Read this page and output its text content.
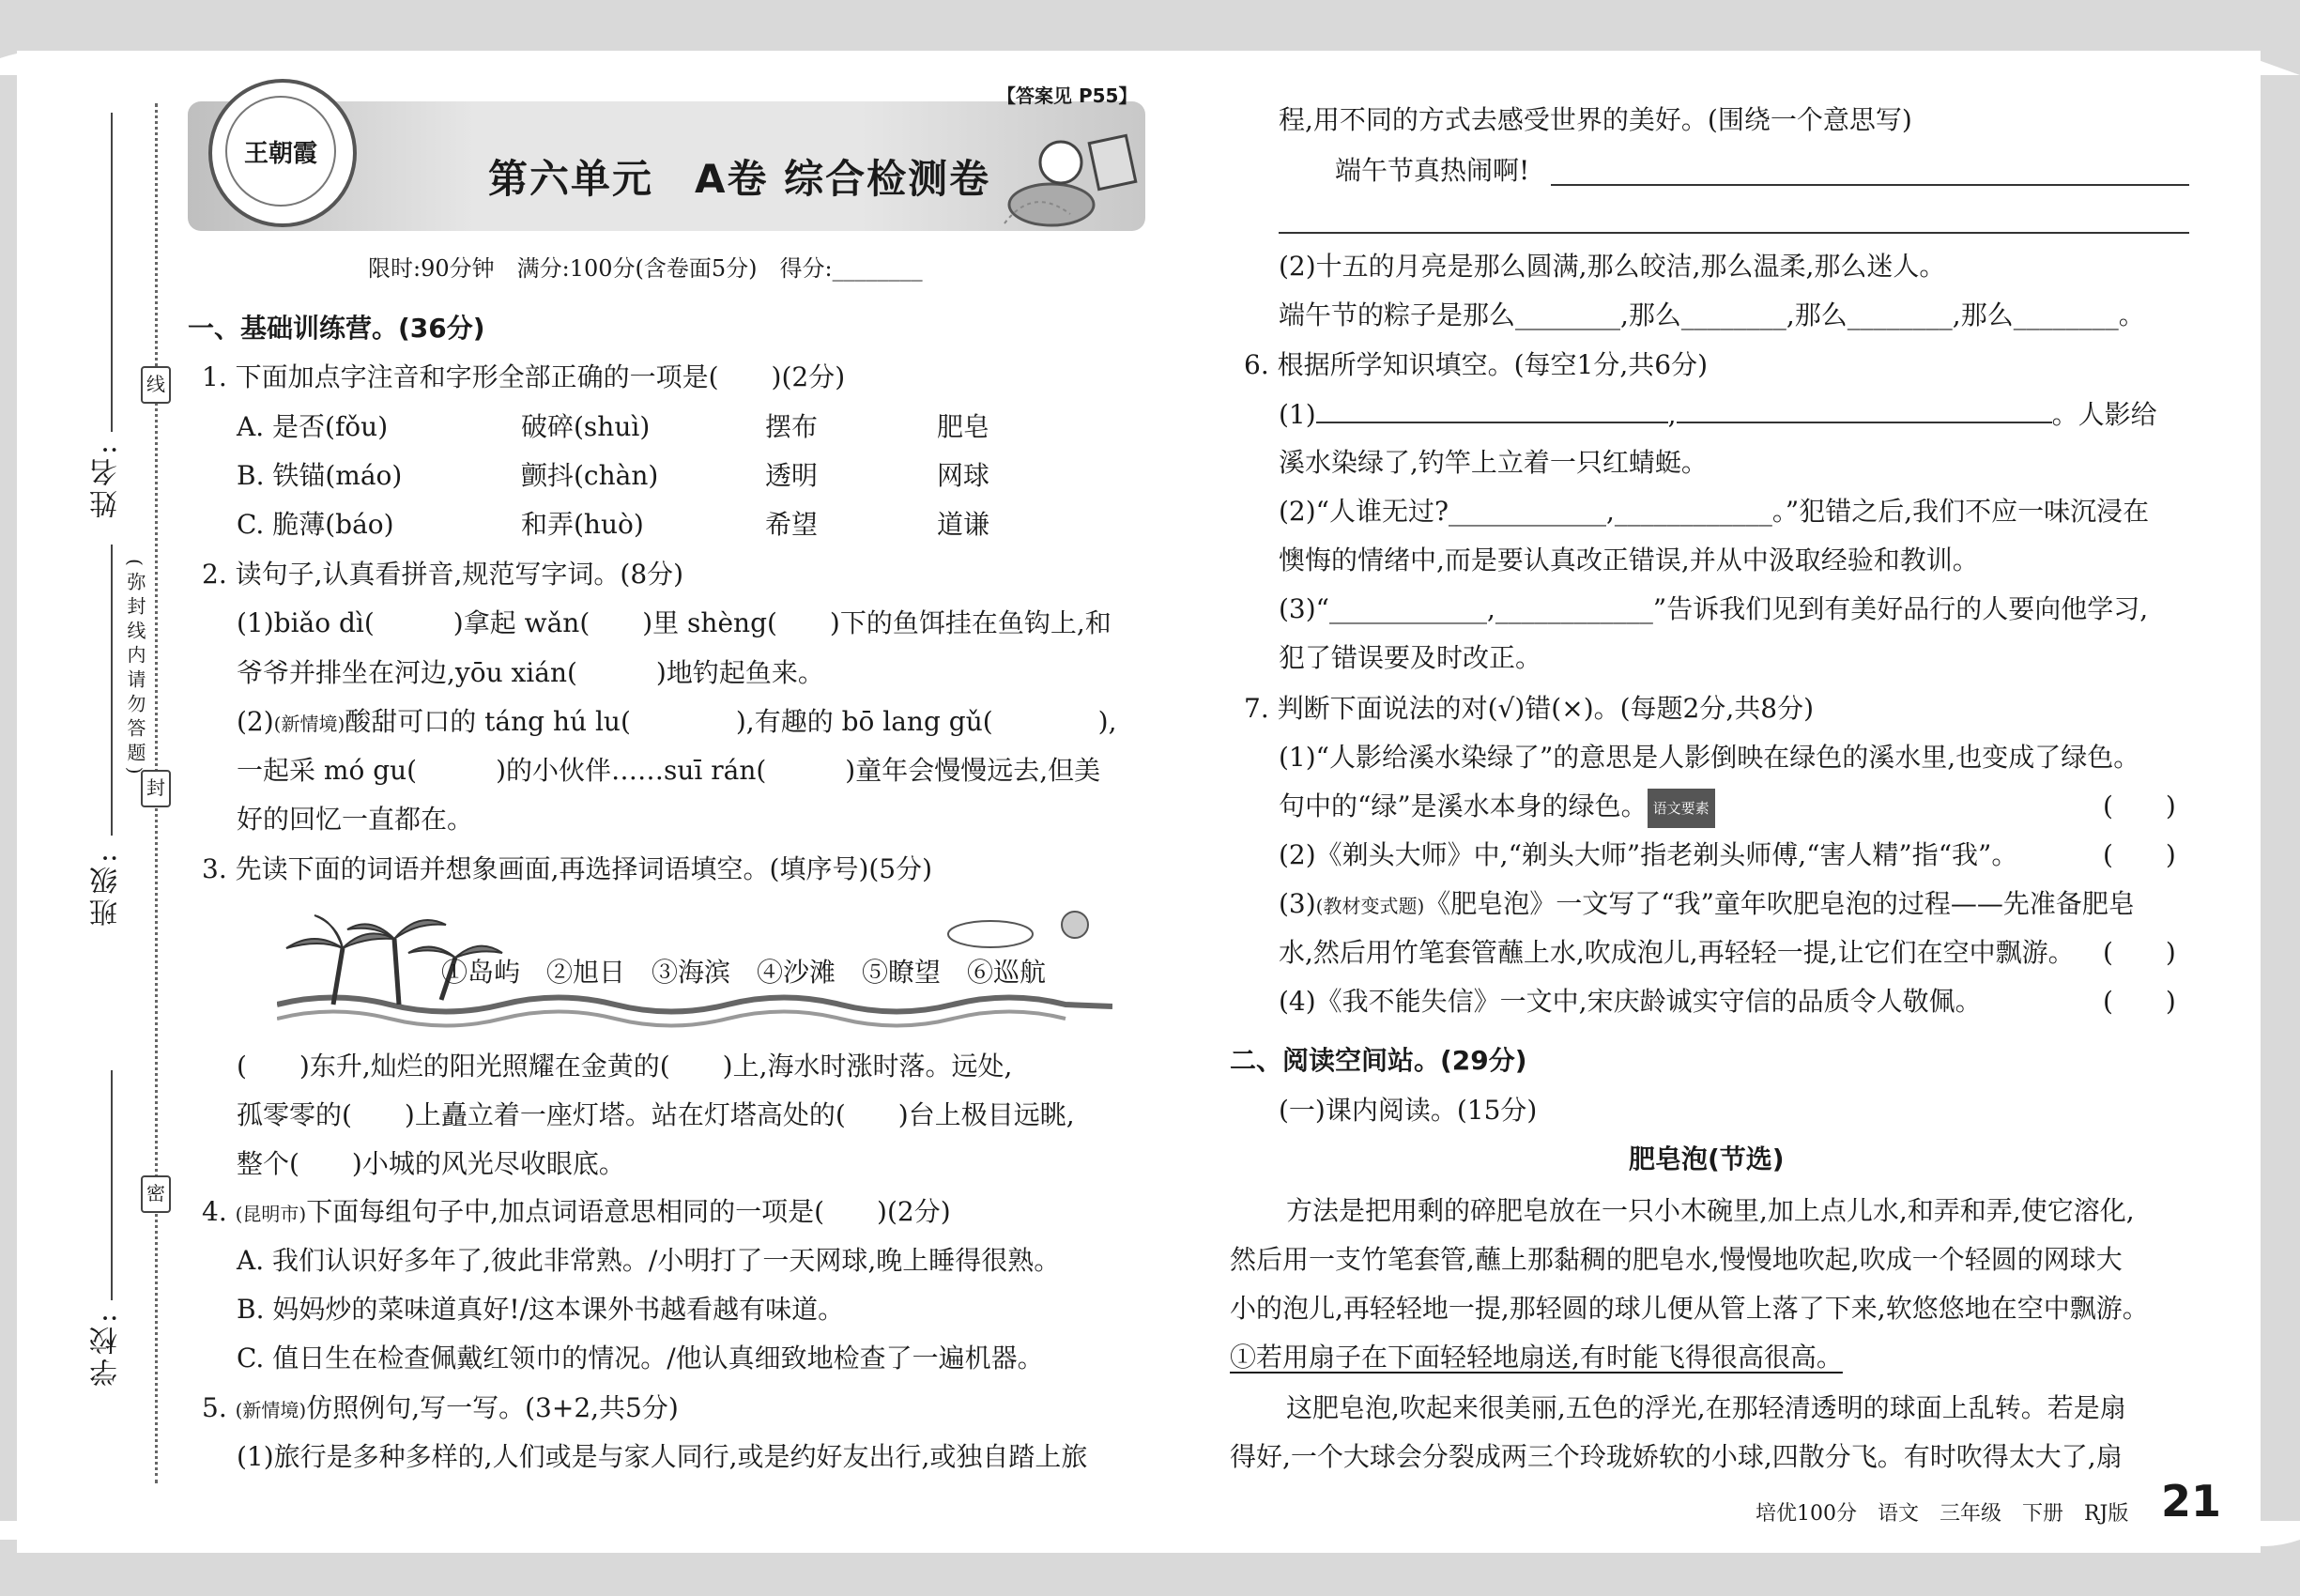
姓名:
班级:
学校:
线
封
密
(弥封线内请勿答题)
王朝霞
第六单元　A卷 综合检测卷
【答案见 P55】
限时:90分钟　满分:100分(含卷面5分)　得分:________
一、基础训练营。(36分)
1. 下面加点字注音和字形全部正确的一项是(　　)(2分)
A. 是否(fǒu)	破碎(shuì)	摆布	肥皂
B. 铁锚(máo)	颤抖(chàn)	透明	网球
C. 脆薄(báo)	和弄(huò)	希望	道谦
2. 读句子,认真看拼音,规范写字词。(8分)
(1)biǎo dì(　　　)拿起 wǎn(　　)里 shèng(　　)下的鱼饵挂在鱼钩上,和
爷爷并排坐在河边,yōu xián(　　　)地钓起鱼来。
(2)(新情境)酸甜可口的 táng hú lu(　　　　),有趣的 bō lang gǔ(　　　　),
一起采 mó gu(　　　)的小伙伴……suī rán(　　　)童年会慢慢远去,但美
好的回忆一直都在。
3. 先读下面的词语并想象画面,再选择词语填空。(填序号)(5分)
①岛屿　②旭日　③海滨　④沙滩　⑤瞭望　⑥巡航
(　　)东升,灿烂的阳光照耀在金黄的(　　)上,海水时涨时落。远处,
孤零零的(　　)上矗立着一座灯塔。站在灯塔高处的(　　)台上极目远眺,
整个(　　)小城的风光尽收眼底。
4. (昆明市)下面每组句子中,加点词语意思相同的一项是(　　)(2分)
A. 我们认识好多年了,彼此非常熟。/小明打了一天网球,晚上睡得很熟。
B. 妈妈炒的菜味道真好!/这本课外书越看越有味道。
C. 值日生在检查佩戴红领巾的情况。/他认真细致地检查了一遍机器。
5. (新情境)仿照例句,写一写。(3+2,共5分)
(1)旅行是多种多样的,人们或是与家人同行,或是约好友出行,或独自踏上旅
程,用不同的方式去感受世界的美好。(围绕一个意思写)
端午节真热闹啊!
(2)十五的月亮是那么圆满,那么皎洁,那么温柔,那么迷人。
端午节的粽子是那么________,那么________,那么________,那么________。
6. 根据所学知识填空。(每空1分,共6分)
(1)	,	。人影给
溪水染绿了,钓竿上立着一只红蜻蜓。
(2)“人谁无过?____________,____________。”犯错之后,我们不应一味沉浸在
懊悔的情绪中,而是要认真改正错误,并从中汲取经验和教训。
(3)“____________,____________”告诉我们见到有美好品行的人要向他学习,
犯了错误要及时改正。
7. 判断下面说法的对(√)错(×)。(每题2分,共8分)
(1)“人影给溪水染绿了”的意思是人影倒映在绿色的溪水里,也变成了绿色。
句中的“绿”是溪水本身的绿色。 语文要素	(　　)
(2)《剃头大师》中,“剃头大师”指老剃头师傅,“害人精”指“我”。	(　　)
(3)(教材变式题)《肥皂泡》一文写了“我”童年吹肥皂泡的过程——先准备肥皂
水,然后用竹笔套管蘸上水,吹成泡儿,再轻轻一提,让它们在空中飘游。 (　　)
(4)《我不能失信》一文中,宋庆龄诚实守信的品质令人敬佩。	(　　)
二、阅读空间站。(29分)
(一)课内阅读。(15分)
肥皂泡(节选)
方法是把用剩的碎肥皂放在一只小木碗里,加上点儿水,和弄和弄,使它溶化,
然后用一支竹笔套管,蘸上那黏稠的肥皂水,慢慢地吹起,吹成一个轻圆的网球大
小的泡儿,再轻轻地一提,那轻圆的球儿便从管上落了下来,软悠悠地在空中飘游。
①若用扇子在下面轻轻地扇送,有时能飞得很高很高。
这肥皂泡,吹起来很美丽,五色的浮光,在那轻清透明的球面上乱转。若是扇
得好,一个大球会分裂成两三个玲珑娇软的小球,四散分飞。有时吹得太大了,扇
培优100分　语文　三年级　下册　RJ版 21
